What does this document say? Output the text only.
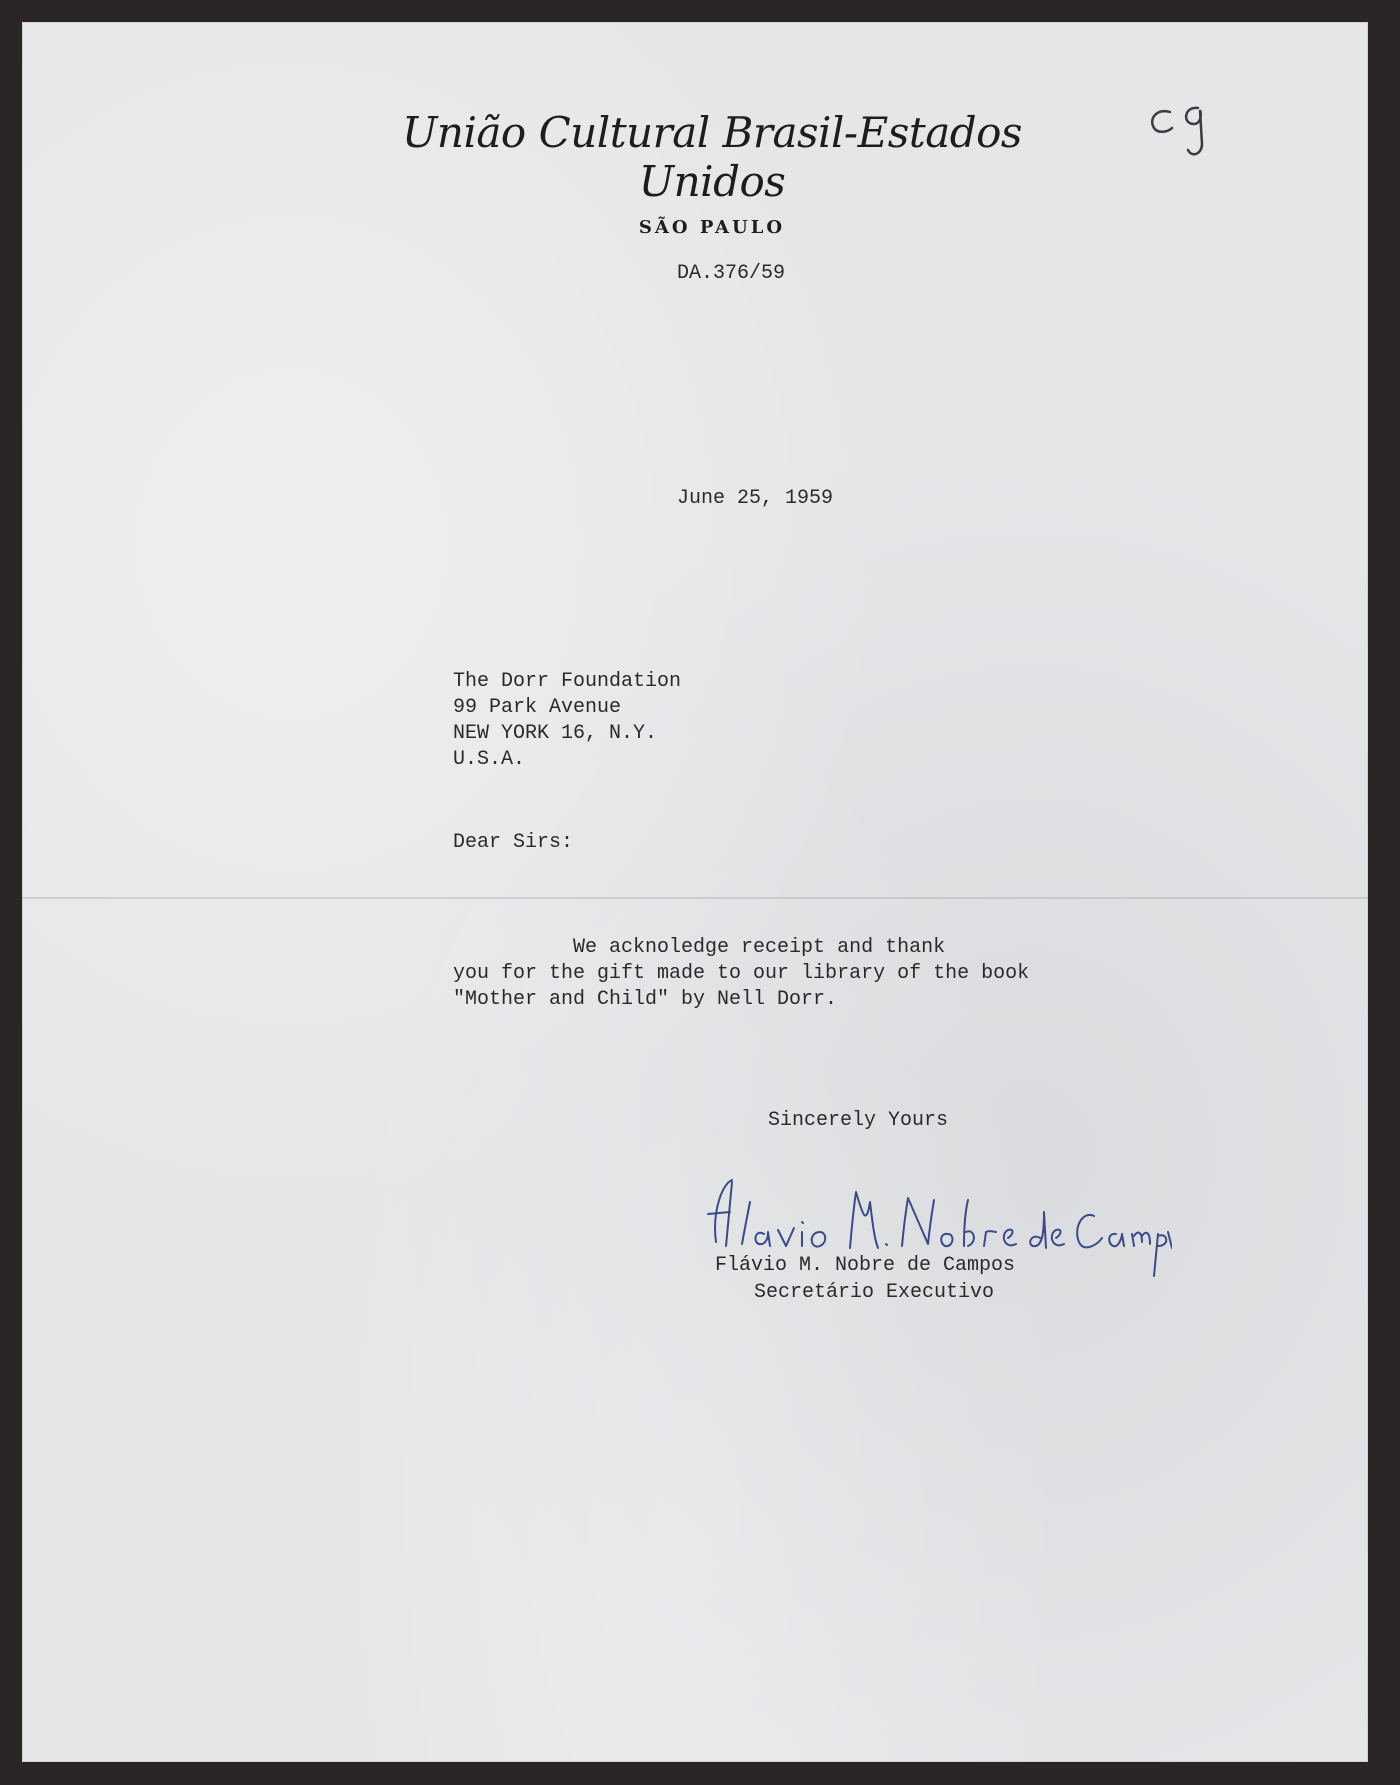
União Cultural Brasil-Estados Unidos
SÃO PAULO
DA.376/59
June 25, 1959
The Dorr Foundation
99 Park Avenue
NEW YORK 16, N.Y.
U.S.A.
Dear Sirs:
We acknoledge receipt and thank
you for the gift made to our library of the book
"Mother and Child" by Nell Dorr.
Sincerely Yours
Flávio M. Nobre de Campos
Secretário Executivo
